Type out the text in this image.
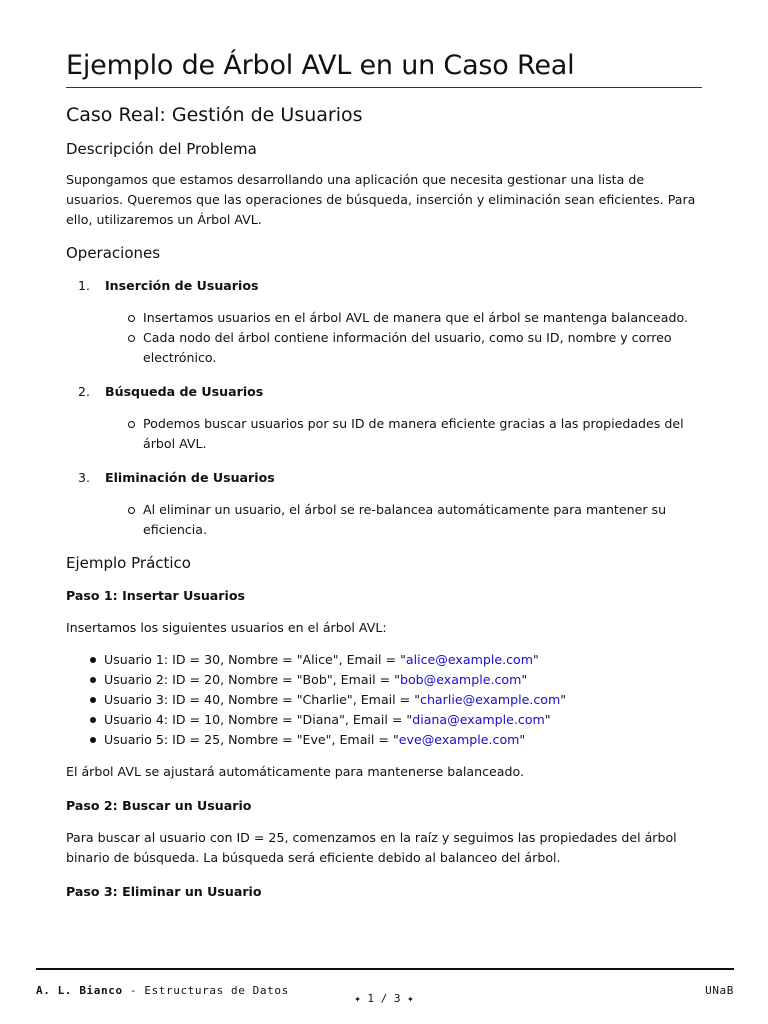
Ejemplo de Árbol AVL en un Caso Real
Caso Real: Gestión de Usuarios
Descripción del Problema

Supongamos que estamos desarrollando una aplicación que necesita gestionar una lista de usuarios. Queremos que las operaciones de búsqueda, inserción y eliminación sean eficientes. Para ello, utilizaremos un Árbol AVL.

Operaciones
1. Inserción de Usuarios
Insertamos usuarios en el árbol AVL de manera que el árbol se mantenga balanceado.
Cada nodo del árbol contiene información del usuario, como su ID, nombre y correo electrónico.
2. Búsqueda de Usuarios
Podemos buscar usuarios por su ID de manera eficiente gracias a las propiedades del árbol AVL.
3. Eliminación de Usuarios
Al eliminar un usuario, el árbol se re-balancea automáticamente para mantener su eficiencia.
Ejemplo Práctico
Paso 1: Insertar Usuarios

Insertamos los siguientes usuarios en el árbol AVL:

Usuario 1: ID = 30, Nombre = "Alice", Email = "alice@example.com"
Usuario 2: ID = 20, Nombre = "Bob", Email = "bob@example.com"
Usuario 3: ID = 40, Nombre = "Charlie", Email = "charlie@example.com"
Usuario 4: ID = 10, Nombre = "Diana", Email = "diana@example.com"
Usuario 5: ID = 25, Nombre = "Eve", Email = "eve@example.com"

El árbol AVL se ajustará automáticamente para mantenerse balanceado.

Paso 2: Buscar un Usuario

Para buscar al usuario con ID = 25, comenzamos en la raíz y seguimos las propiedades del árbol binario de búsqueda. La búsqueda será eficiente debido al balanceo del árbol.

Paso 3: Eliminar un Usuario
A. L. Bianco - Estructuras de Datos
✦ 1 / 3 ✦
UNaB
